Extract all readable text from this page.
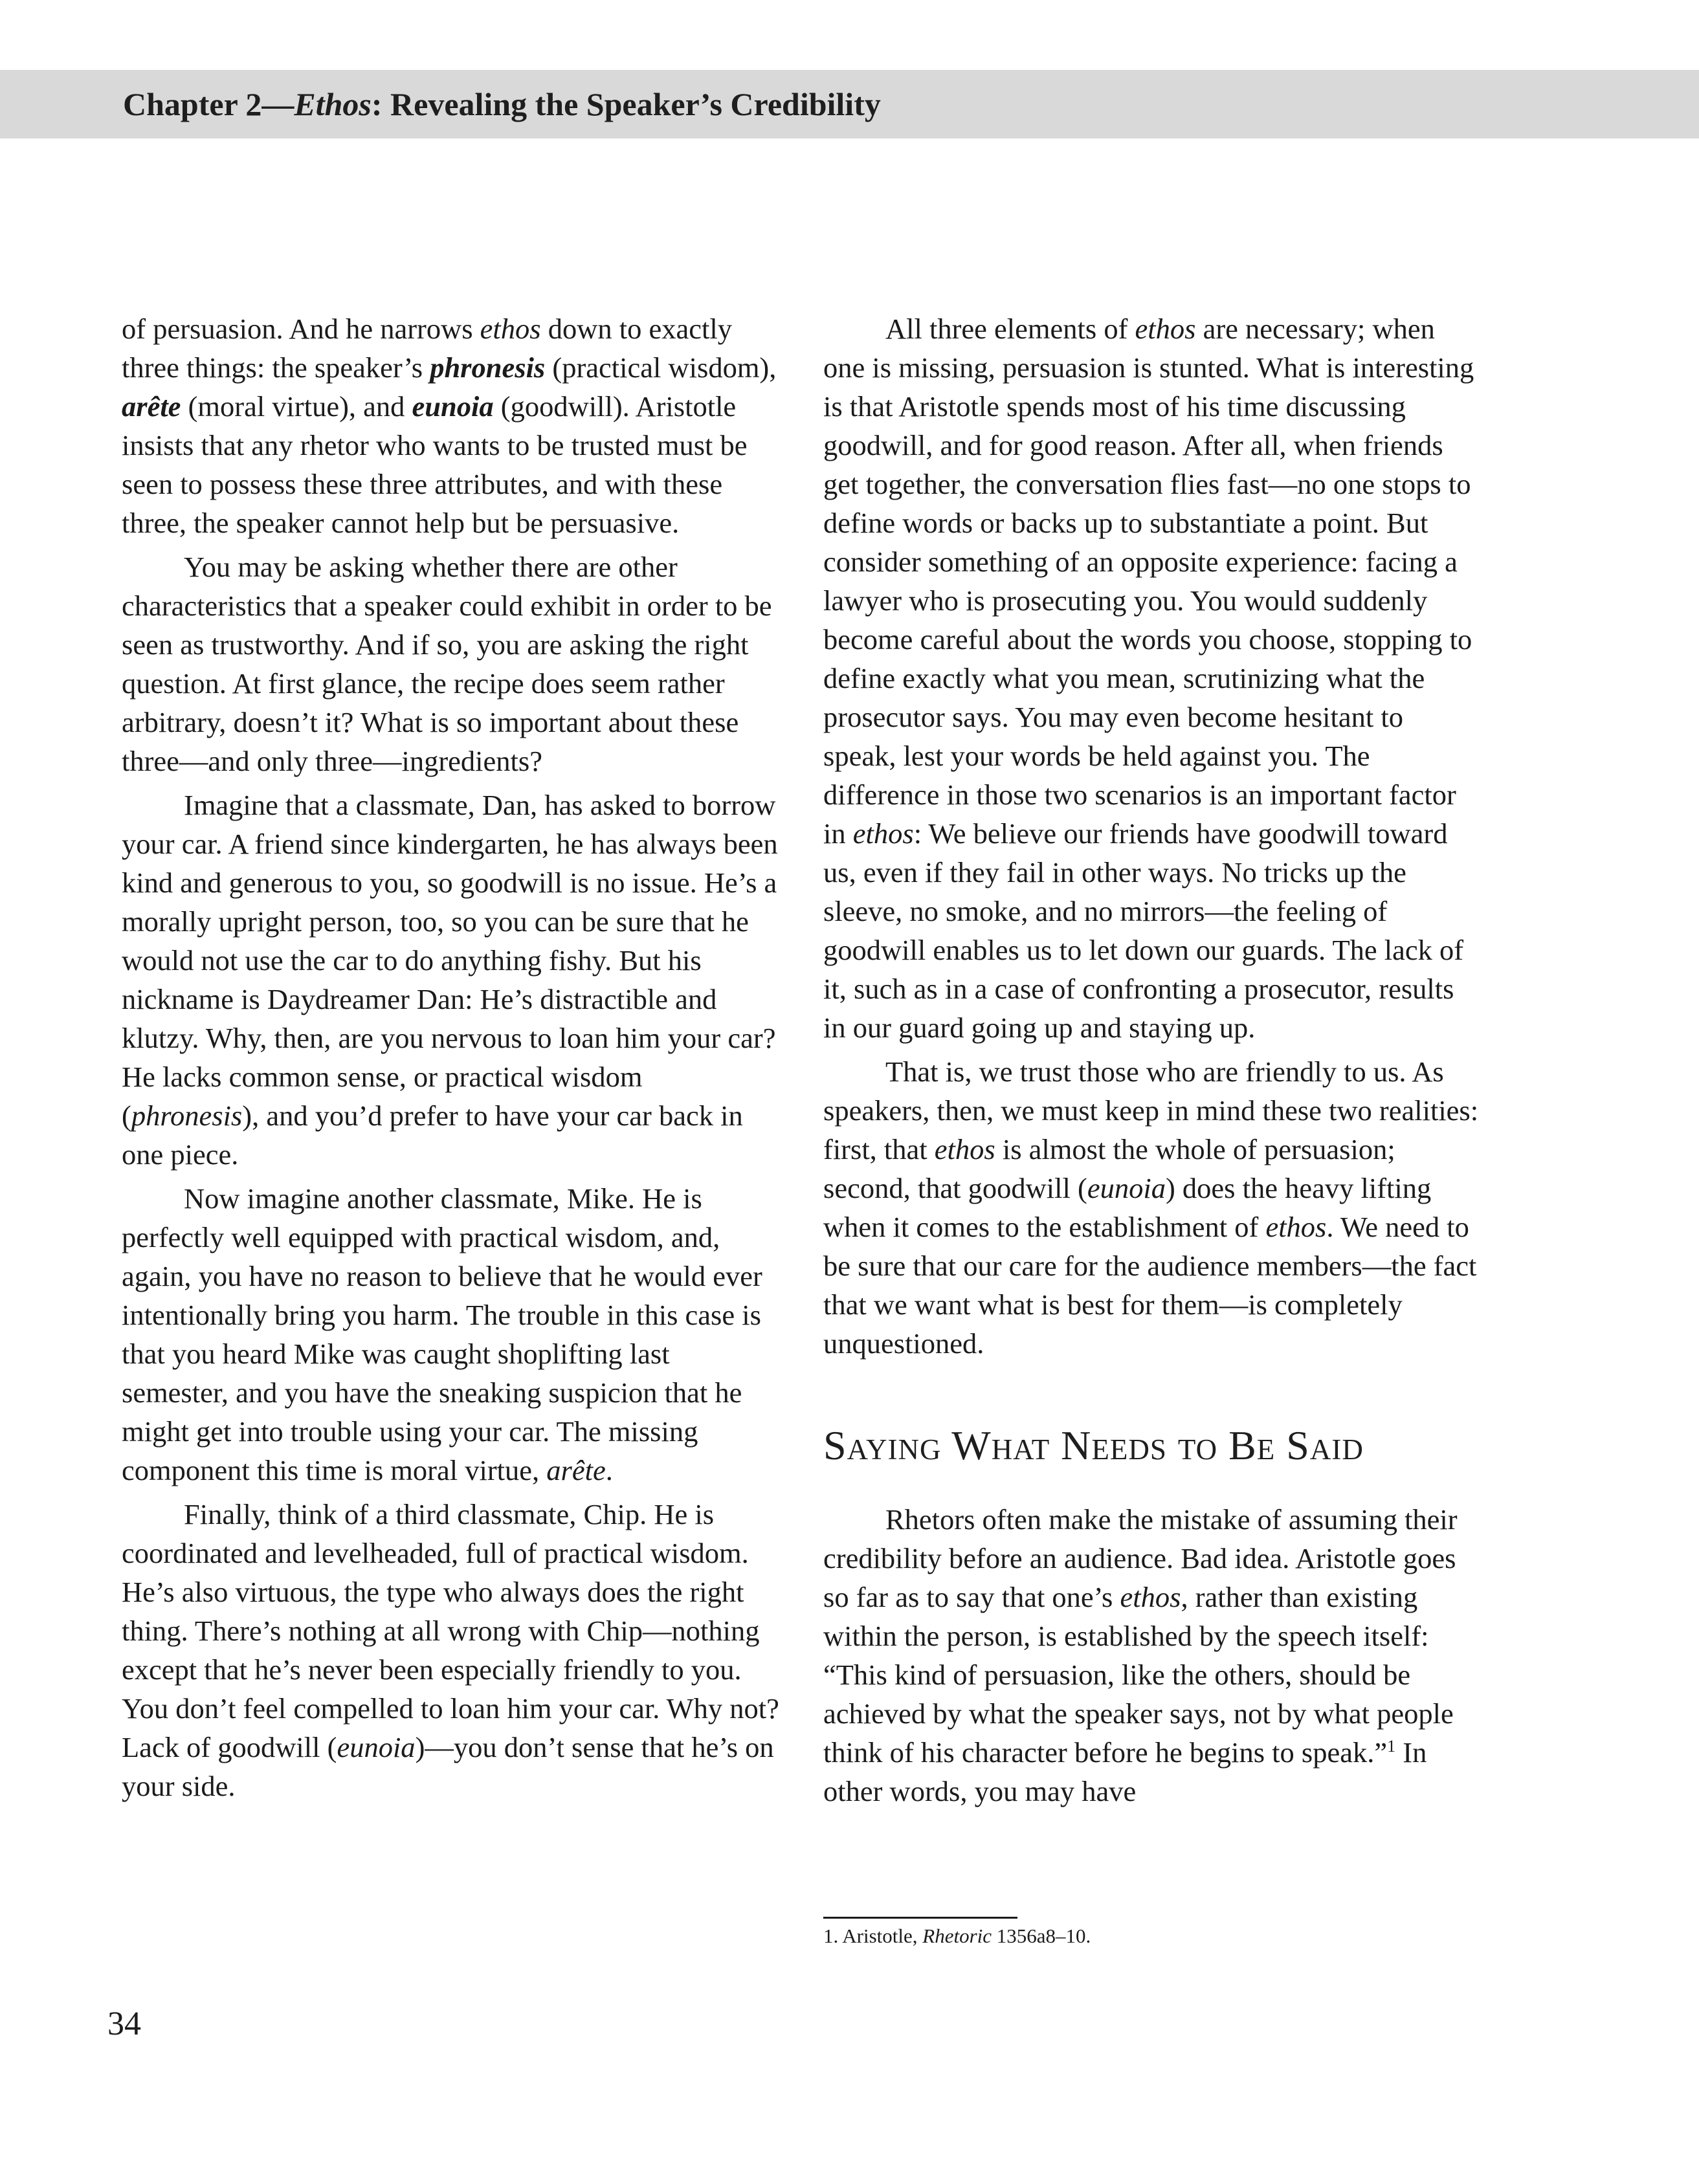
Chapter 2—Ethos: Revealing the Speaker’s Credibility

of persuasion. And he narrows ethos down to exactly three things: the speaker’s phronesis (practical wisdom), arête (moral virtue), and eunoia (goodwill). Aristotle insists that any rhetor who wants to be trusted must be seen to possess these three attributes, and with these three, the speaker cannot help but be persuasive.

You may be asking whether there are other characteristics that a speaker could exhibit in order to be seen as trustworthy. And if so, you are asking the right question. At first glance, the recipe does seem rather arbitrary, doesn’t it? What is so important about these three—and only three—ingredients?

Imagine that a classmate, Dan, has asked to borrow your car. A friend since kindergarten, he has always been kind and generous to you, so goodwill is no issue. He’s a morally upright person, too, so you can be sure that he would not use the car to do anything fishy. But his nickname is Daydreamer Dan: He’s distractible and klutzy. Why, then, are you nervous to loan him your car? He lacks common sense, or practical wisdom (phronesis), and you’d prefer to have your car back in one piece.

Now imagine another classmate, Mike. He is perfectly well equipped with practical wisdom, and, again, you have no reason to believe that he would ever intentionally bring you harm. The trouble in this case is that you heard Mike was caught shoplifting last semester, and you have the sneaking suspicion that he might get into trouble using your car. The missing component this time is moral virtue, arête.

Finally, think of a third classmate, Chip. He is coordinated and levelheaded, full of practical wisdom. He’s also virtuous, the type who always does the right thing. There’s nothing at all wrong with Chip—nothing except that he’s never been especially friendly to you. You don’t feel compelled to loan him your car. Why not? Lack of goodwill (eunoia)—you don’t sense that he’s on your side.

All three elements of ethos are necessary; when one is missing, persuasion is stunted. What is interesting is that Aristotle spends most of his time discussing goodwill, and for good reason. After all, when friends get together, the conversation flies fast—no one stops to define words or backs up to substantiate a point. But consider something of an opposite experience: facing a lawyer who is prosecuting you. You would suddenly become careful about the words you choose, stopping to define exactly what you mean, scrutinizing what the prosecutor says. You may even become hesitant to speak, lest your words be held against you. The difference in those two scenarios is an important factor in ethos: We believe our friends have goodwill toward us, even if they fail in other ways. No tricks up the sleeve, no smoke, and no mirrors—the feeling of goodwill enables us to let down our guards. The lack of it, such as in a case of confronting a prosecutor, results in our guard going up and staying up.

That is, we trust those who are friendly to us. As speakers, then, we must keep in mind these two realities: first, that ethos is almost the whole of persuasion; second, that goodwill (eunoia) does the heavy lifting when it comes to the establishment of ethos. We need to be sure that our care for the audience members—the fact that we want what is best for them—is completely unquestioned.

Saying What Needs to Be Said

Rhetors often make the mistake of assuming their credibility before an audience. Bad idea. Aristotle goes so far as to say that one’s ethos, rather than existing within the person, is established by the speech itself: “This kind of persuasion, like the others, should be achieved by what the speaker says, not by what people think of his character before he begins to speak.”$^1$ In other words, you may have

1. Aristotle, Rhetoric 1356a8–10.
34
